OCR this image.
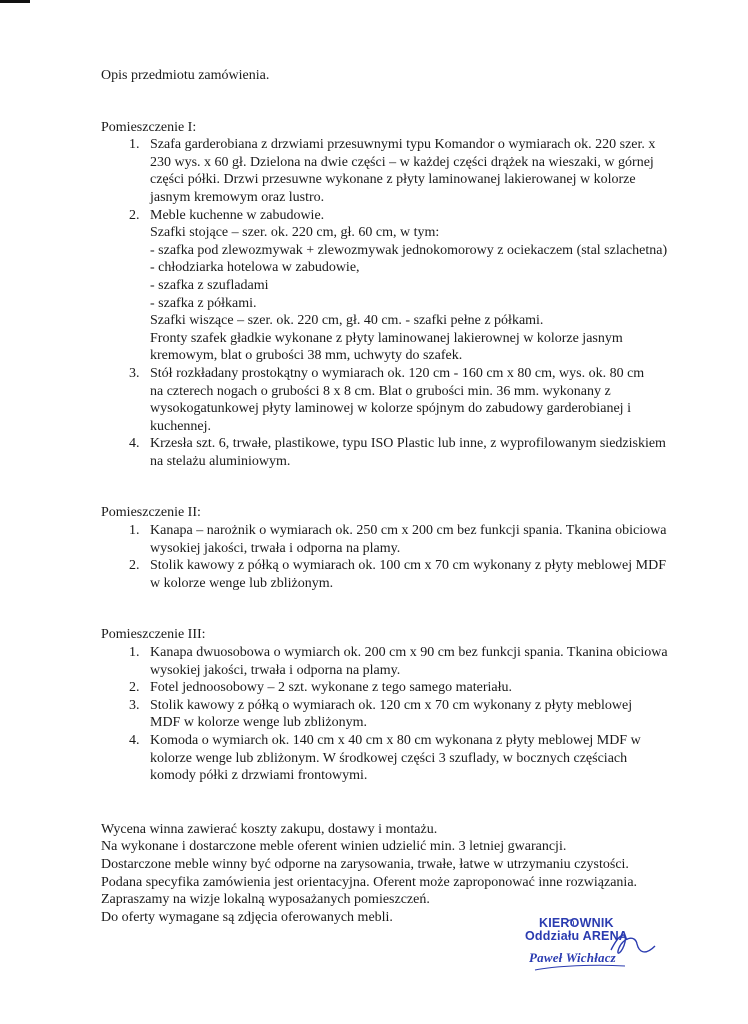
Opis przedmiotu zamówienia.

Pomieszczenie I:

1. Szafa garderobiana z drzwiami przesuwnymi typu Komandor o wymiarach ok. 220 szer. x
230 wys. x 60 gł. Dzielona na dwie części – w każdej części drążek na wieszaki, w górnej
części półki. Drzwi przesuwne wykonane z płyty laminowanej lakierowanej w kolorze
jasnym kremowym oraz lustro.
2. Meble kuchenne w zabudowie.
Szafki stojące – szer. ok. 220 cm, gł. 60 cm, w tym:
- szafka pod zlewozmywak + zlewozmywak jednokomorowy z ociekaczem (stal szlachetna)
- chłodziarka hotelowa w zabudowie,
- szafka z szufladami
- szafka z półkami.
Szafki wiszące – szer. ok. 220 cm, gł. 40 cm. - szafki pełne z półkami.
Fronty szafek gładkie wykonane z płyty laminowanej lakierownej w kolorze jasnym
kremowym, blat o grubości 38 mm, uchwyty do szafek.
3. Stół rozkładany prostokątny o wymiarach ok. 120 cm - 160 cm x 80 cm, wys. ok. 80 cm
na czterech nogach o grubości 8 x 8 cm. Blat o grubości min. 36 mm. wykonany z
wysokogatunkowej płyty laminowej w kolorze spójnym do zabudowy garderobianej i
kuchennej.
4. Krzesła szt. 6, trwałe, plastikowe, typu ISO Plastic lub inne, z wyprofilowanym siedziskiem
na stelażu aluminiowym.

Pomieszczenie II:

1. Kanapa – narożnik o wymiarach ok. 250 cm x 200 cm bez funkcji spania. Tkanina obiciowa
wysokiej jakości, trwała i odporna na plamy.
2. Stolik kawowy z półką o wymiarach ok. 100 cm x 70 cm wykonany z płyty meblowej MDF
w kolorze wenge lub zbliżonym.

Pomieszczenie III:

1. Kanapa dwuosobowa o wymiarch ok. 200 cm x 90 cm bez funkcji spania. Tkanina obiciowa
wysokiej jakości, trwała i odporna na plamy.
2. Fotel jednoosobowy – 2 szt. wykonane z tego samego materiału.
3. Stolik kawowy z półką o wymiarach ok. 120 cm x 70 cm wykonany z płyty meblowej
MDF w kolorze wenge lub zbliżonym.
4. Komoda o wymiarch ok. 140 cm x 40 cm x 80 cm wykonana z płyty meblowej MDF w
kolorze wenge lub zbliżonym. W środkowej części 3 szuflady, w bocznych częściach
komody półki z drzwiami frontowymi.
Wycena winna zawierać koszty zakupu, dostawy i montażu.
Na wykonane i dostarczone meble oferent winien udzielić min. 3 letniej gwarancji.
Dostarczone meble winny być odporne na zarysowania, trwałe, łatwe w utrzymaniu czystości.
Podana specyfika zamówienia jest orientacyjna. Oferent może zaproponować inne rozwiązania.
Zapraszamy na wizje lokalną wyposażanych pomieszczeń.
Do oferty wymagane są zdjęcia oferowanych mebli.	KIEROWNIK
Oddziału ARENA
Paweł Wichłacz
